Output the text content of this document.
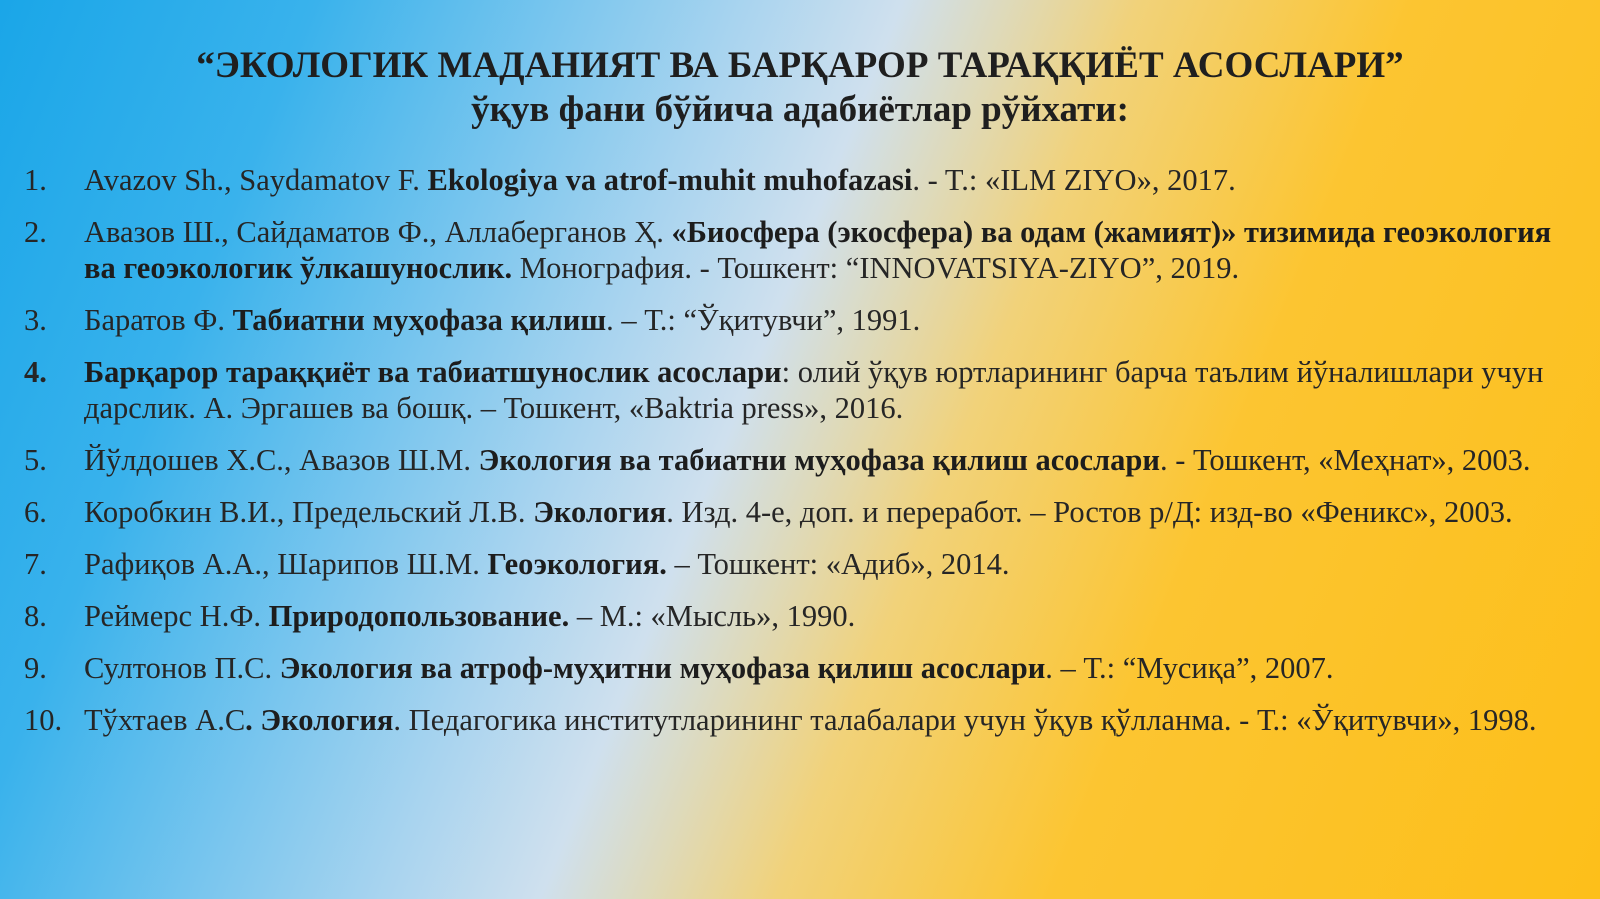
“ЭКОЛОГИК МАДАНИЯТ ВА БАРҚАРОР ТАРАҚҚИЁТ АСОСЛАРИ”
ўқув фани бўйича адабиётлар рўйхати:
1.	Avazov Sh., Saydamatov F. Ekologiya va atrof-muhit muhofazasi. - T.: «ILM ZIYO», 2017.
2.	Авазов Ш., Сайдаматов Ф., Аллаберганов Ҳ. «Биосфера (экосфера) ва одам (жамият)» тизимида геоэкология ва геоэкологик ўлкашунослик. Монография. - Тошкент: “INNOVATSIYA-ZIYO”, 2019.
3.	Баратов Ф. Табиатни муҳофаза қилиш. – Т.: “Ўқитувчи”, 1991.
4.	Барқарор тараққиёт ва табиатшунослик асослари: олий ўқув юртларининг барча таълим йўналишлари учун дарслик. А. Эргашев ва бошқ. – Тошкент, «Baktria press», 2016.
5.	Йўлдошев Х.С., Авазов Ш.М. Экология ва табиатни муҳофаза қилиш асослари. - Тошкент, «Меҳнат», 2003.
6.	Коробкин В.И., Предельский Л.В. Экология. Изд. 4-е, доп. и переработ. – Ростов р/Д: изд-во «Феникс», 2003.
7.	Рафиқов А.А., Шарипов Ш.М. Геоэкология. – Тошкент: «Адиб», 2014.
8.	Реймерс Н.Ф. Природопользование. – М.: «Мысль», 1990.
9.	Султонов П.С. Экология ва атроф-муҳитни муҳофаза қилиш асослари. – Т.: “Мусиқа”, 2007.
10. Тўхтаев А.С. Экология. Педагогика институтларининг талабалари учун ўқув қўлланма. - Т.: «Ўқитувчи», 1998.
